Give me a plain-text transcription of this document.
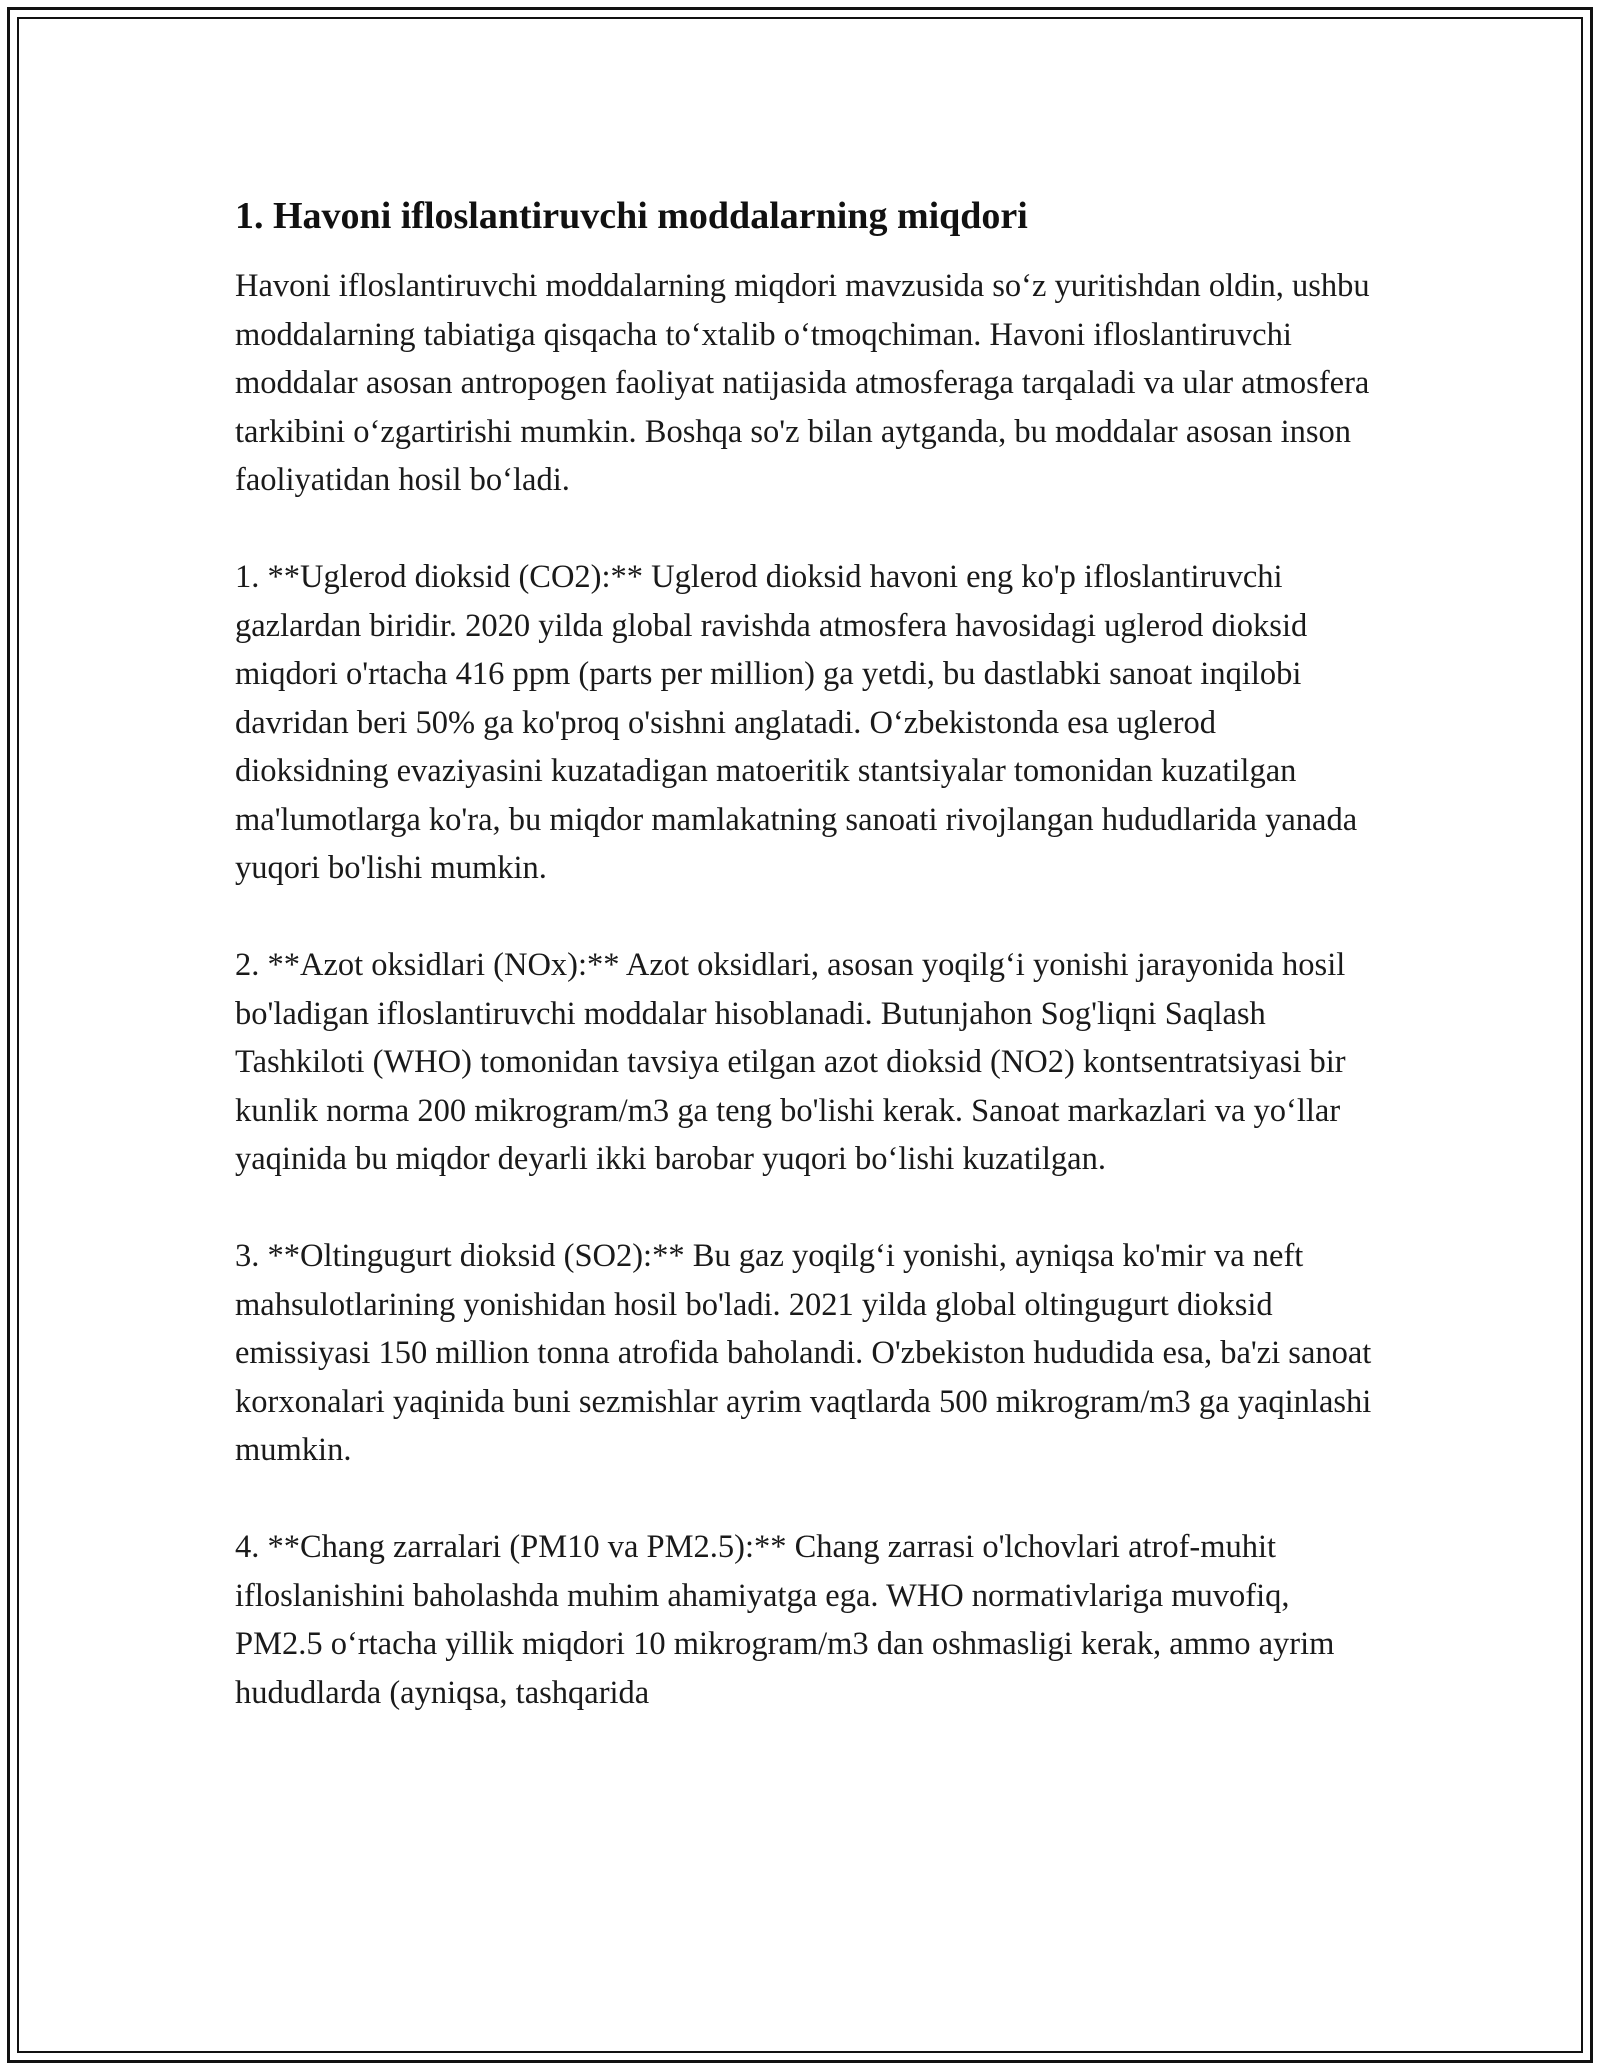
1. Havoni ifloslantiruvchi moddalarning miqdori

Havoni ifloslantiruvchi moddalarning miqdori mavzusida so‘z yuritishdan oldin, ushbu moddalarning tabiatiga qisqacha to‘xtalib o‘tmoqchiman. Havoni ifloslantiruvchi moddalar asosan antropogen faoliyat natijasida atmosferaga tarqaladi va ular atmosfera tarkibini o‘zgartirishi mumkin. Boshqa so'z bilan aytganda, bu moddalar asosan inson faoliyatidan hosil bo‘ladi.

1. **Uglerod dioksid (CO2):** Uglerod dioksid havoni eng ko'p ifloslantiruvchi gazlardan biridir. 2020 yilda global ravishda atmosfera havosidagi uglerod dioksid miqdori o'rtacha 416 ppm (parts per million) ga yetdi, bu dastlabki sanoat inqilobi davridan beri 50% ga ko'proq o'sishni anglatadi. O‘zbekistonda esa uglerod dioksidning evaziyasini kuzatadigan matoeritik stantsiyalar tomonidan kuzatilgan ma'lumotlarga ko'ra, bu miqdor mamlakatning sanoati rivojlangan hududlarida yanada yuqori bo'lishi mumkin.

2. **Azot oksidlari (NOx):** Azot oksidlari, asosan yoqilg‘i yonishi jarayonida hosil bo'ladigan ifloslantiruvchi moddalar hisoblanadi. Butunjahon Sog'liqni Saqlash Tashkiloti (WHO) tomonidan tavsiya etilgan azot dioksid (NO2) kontsentratsiyasi bir kunlik norma 200 mikrogram/m3 ga teng bo'lishi kerak. Sanoat markazlari va yo‘llar yaqinida bu miqdor deyarli ikki barobar yuqori bo‘lishi kuzatilgan.

3. **Oltingugurt dioksid (SO2):** Bu gaz yoqilg‘i yonishi, ayniqsa ko'mir va neft mahsulotlarining yonishidan hosil bo'ladi. 2021 yilda global oltingugurt dioksid emissiyasi 150 million tonna atrofida baholandi. O'zbekiston hududida esa, ba'zi sanoat korxonalari yaqinida buni sezmishlar ayrim vaqtlarda 500 mikrogram/m3 ga yaqinlashi mumkin.

4. **Chang zarralari (PM10 va PM2.5):** Chang zarrasi o'lchovlari atrof-muhit ifloslanishini baholashda muhim ahamiyatga ega. WHO normativlariga muvofiq, PM2.5 o‘rtacha yillik miqdori 10 mikrogram/m3 dan oshmasligi kerak, ammo ayrim hududlarda (ayniqsa, tashqarida
